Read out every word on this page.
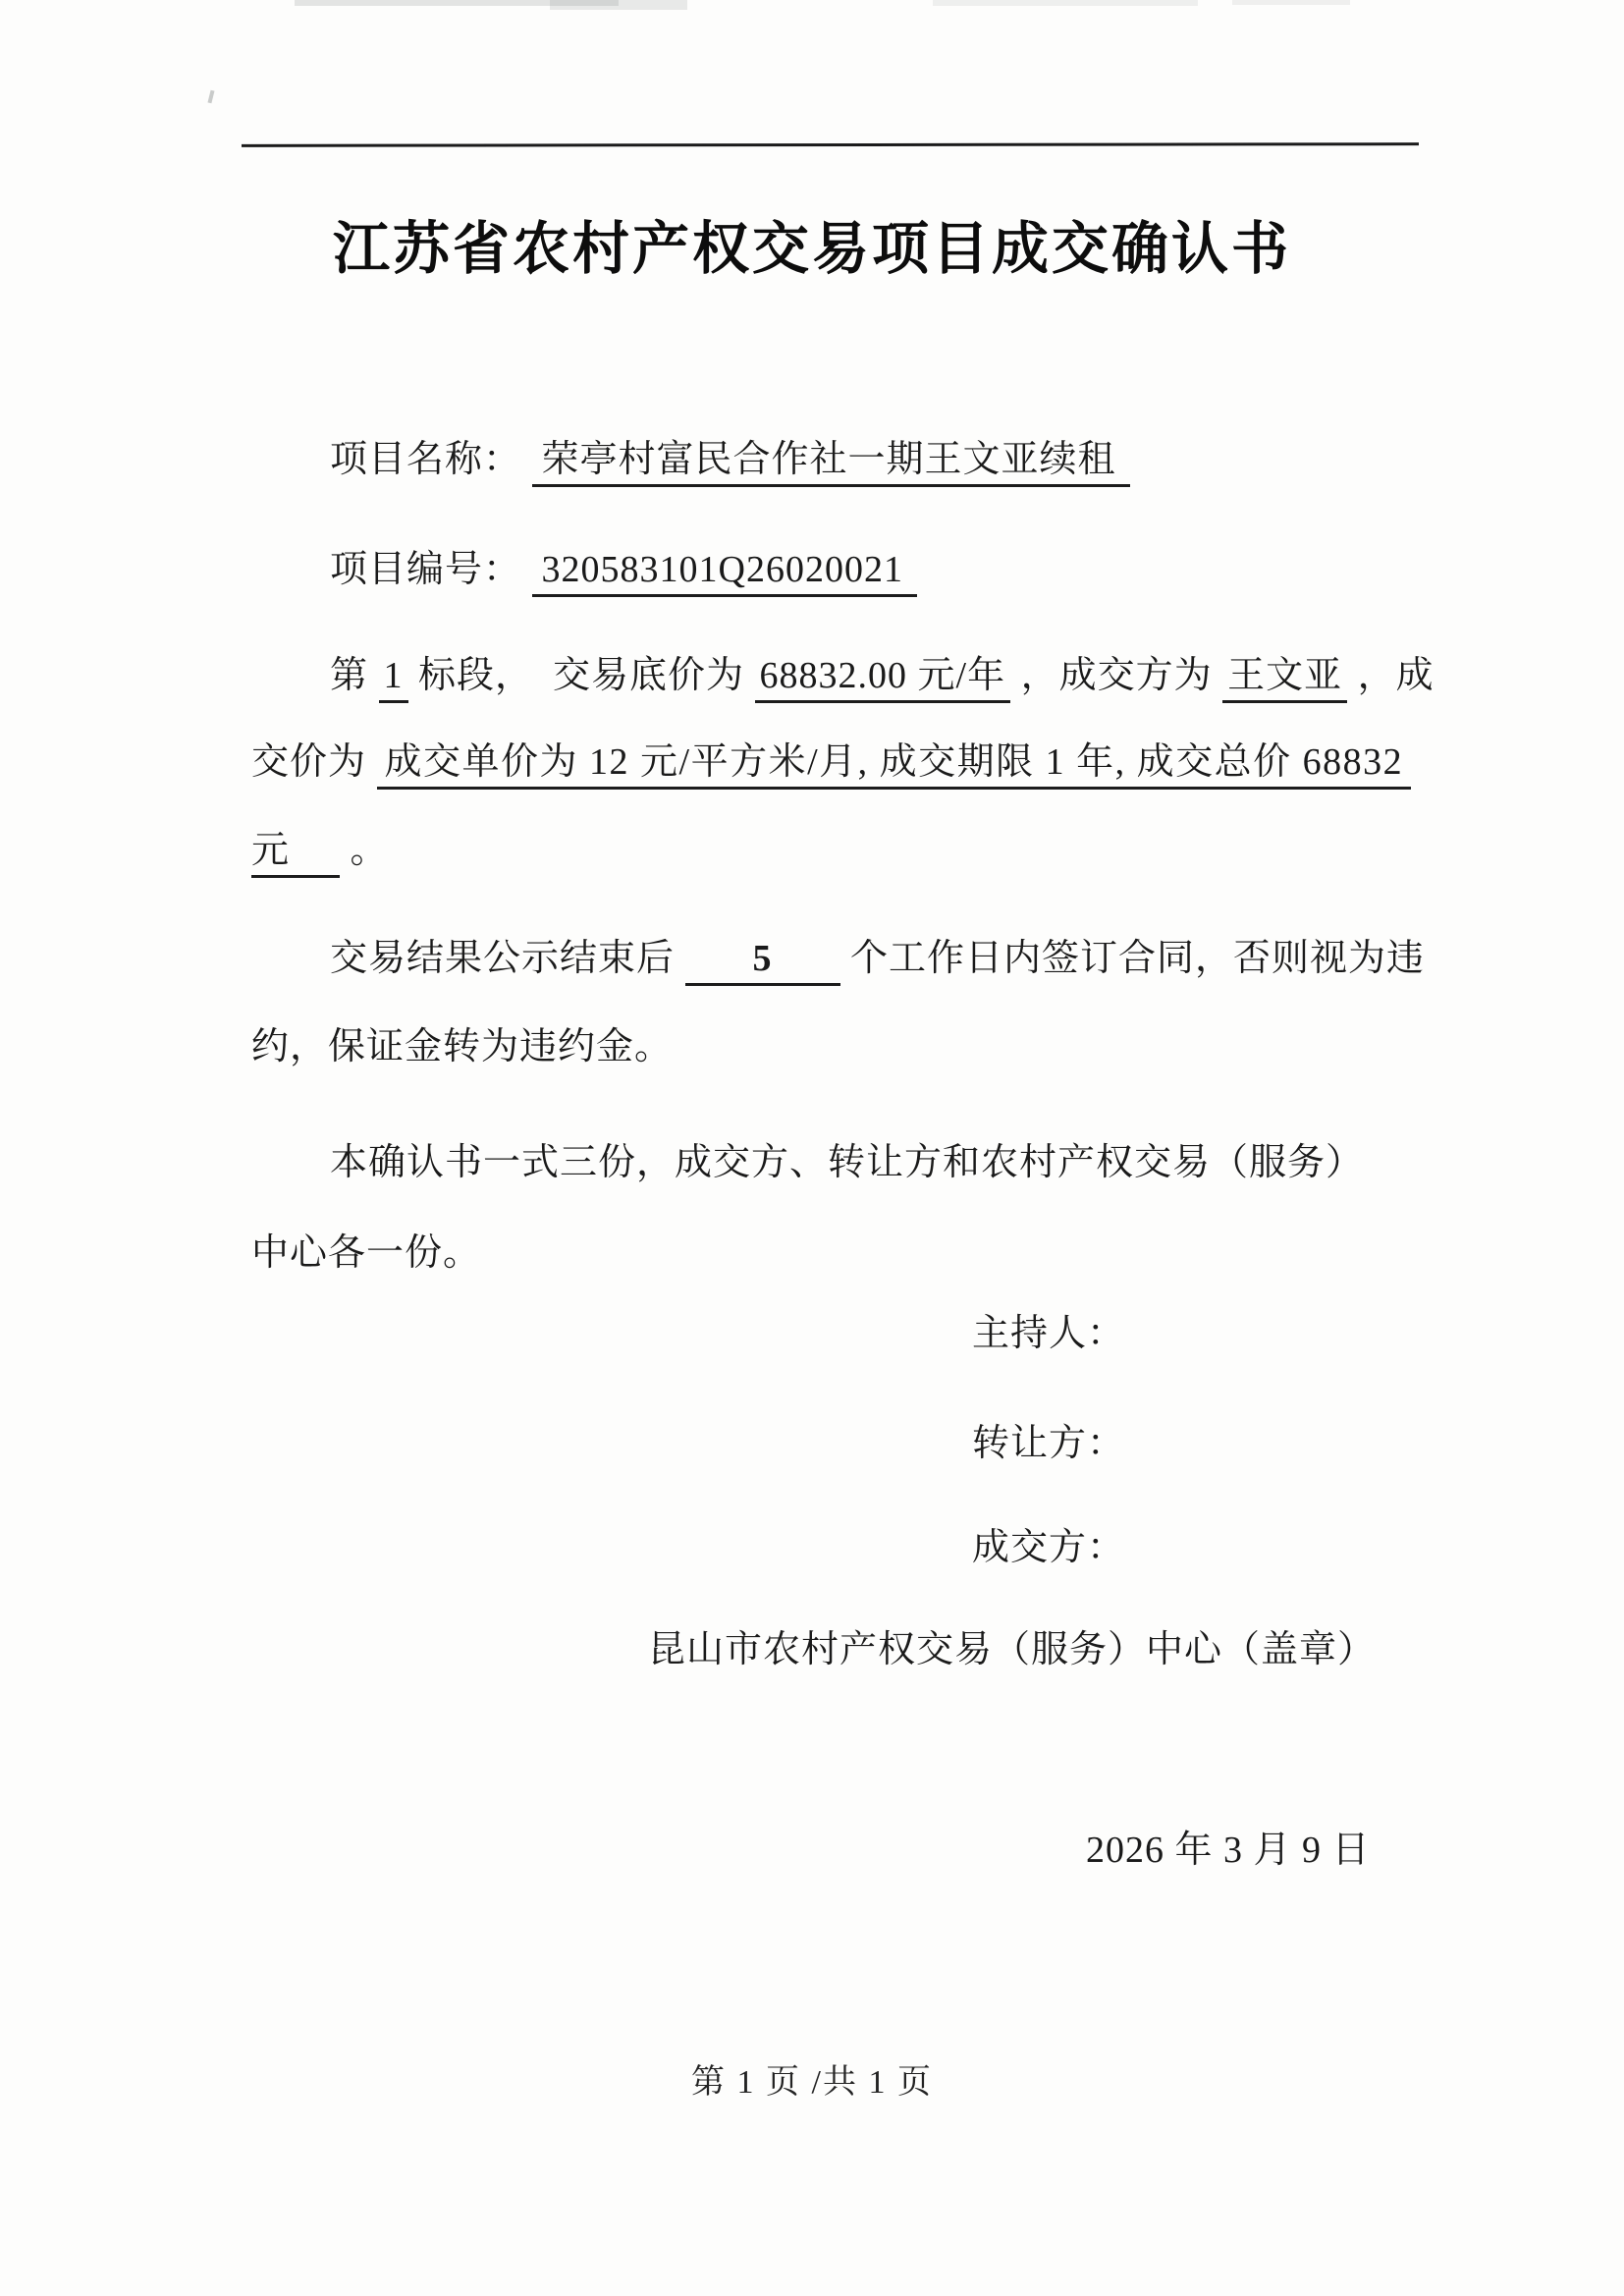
江苏省农村产权交易项目成交确认书
项目名称： 荣亭村富民合作社一期王文亚续租
项目编号： 320583101Q26020021
第 1 标段，　交易底价为 68832.00 元/年 ，成交方为 王文亚 ，成
交价为 成交单价为 12 元/平方米/月, 成交期限 1 年, 成交总价 68832
元 。
交易结果公示结束后 5 个工作日内签订合同，否则视为违
约，保证金转为违约金。
本确认书一式三份，成交方、转让方和农村产权交易（服务）
中心各一份。
主持人：
转让方：
成交方：
昆山市农村产权交易（服务）中心（盖章）
2026 年 3 月 9 日
第 1 页 /共 1 页
